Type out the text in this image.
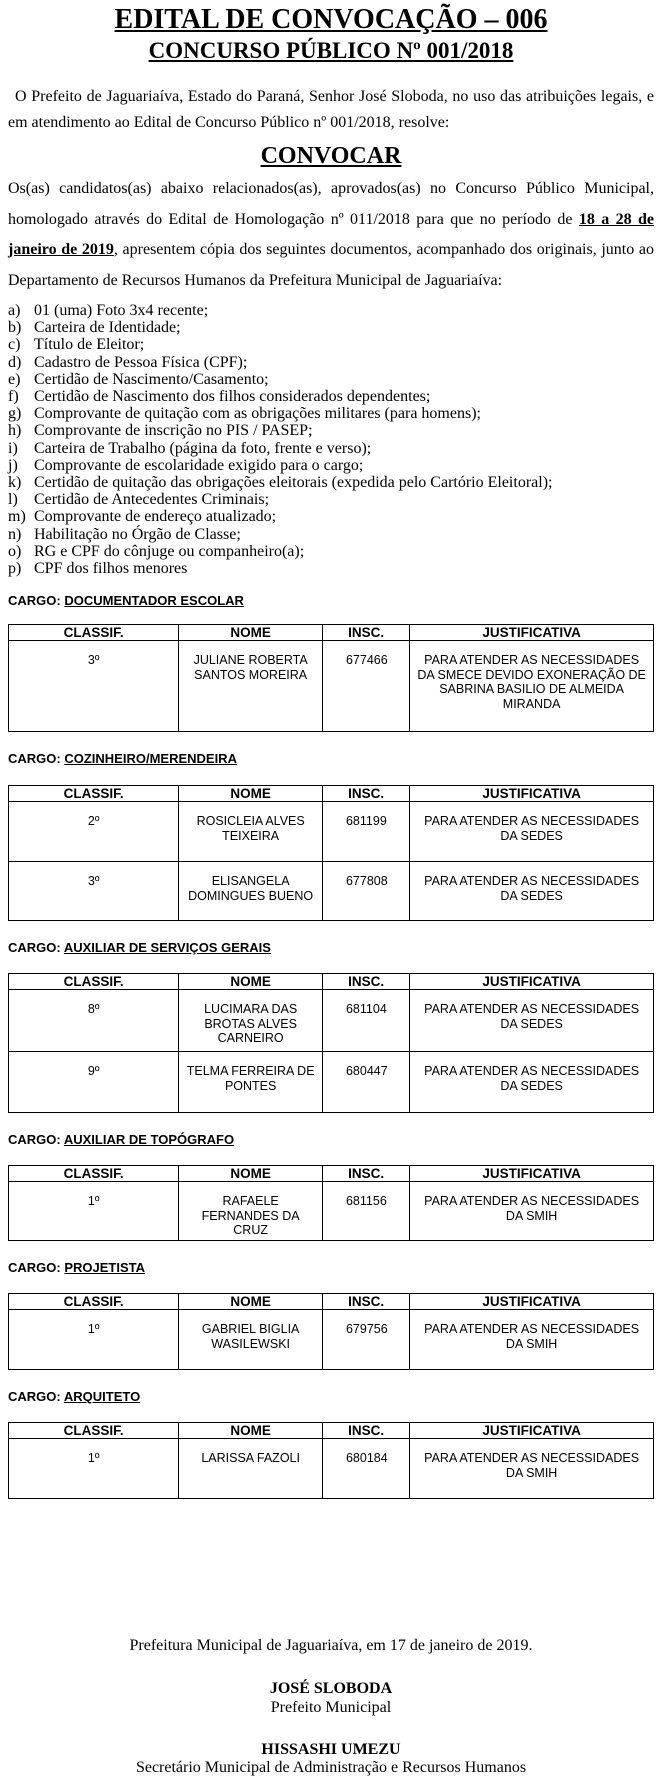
EDITAL DE CONVOCAÇÃO – 006
CONCURSO PÚBLICO Nº 001/2018

O Prefeito de Jaguariaíva, Estado do Paraná, Senhor José Sloboda, no uso das atribuições legais, e em atendimento ao Edital de Concurso Público nº 001/2018, resolve:

CONVOCAR

Os(as) candidatos(as) abaixo relacionados(as), aprovados(as) no Concurso Público Municipal, homologado através do Edital de Homologação nº 011/2018 para que no período de 18 a 28 de janeiro de 2019, apresentem cópia dos seguintes documentos, acompanhado dos originais, junto ao Departamento de Recursos Humanos da Prefeitura Municipal de Jaguariaíva:

a) 01 (uma) Foto 3x4 recente;
b) Carteira de Identidade;
c) Título de Eleitor;
d) Cadastro de Pessoa Física (CPF);
e) Certidão de Nascimento/Casamento;
f) Certidão de Nascimento dos filhos considerados dependentes;
g) Comprovante de quitação com as obrigações militares (para homens);
h) Comprovante de inscrição no PIS / PASEP;
i)	Carteira de Trabalho (página da foto, frente e verso);
j)	Comprovante de escolaridade exigido para o cargo;
k) Certidão de quitação das obrigações eleitorais (expedida pelo Cartório Eleitoral);
l)	Certidão de Antecedentes Criminais;
m) Comprovante de endereço atualizado;
n) Habilitação no Órgão de Classe;
o) RG e CPF do cônjuge ou companheiro(a);
p) CPF dos filhos menores
CARGO: DOCUMENTADOR ESCOLAR
CLASSIF.	NOME	INSC.	JUSTIFICATIVA
3º	JULIANE ROBERTA SANTOS MOREIRA	677466	PARA ATENDER AS NECESSIDADES DA SMECE DEVIDO EXONERAÇÃO DE SABRINA BASILIO DE ALMEIDA MIRANDA
CARGO: COZINHEIRO/MERENDEIRA
CLASSIF.	NOME	INSC.	JUSTIFICATIVA
2º	ROSICLEIA ALVES TEIXEIRA	681199	PARA ATENDER AS NECESSIDADES DA SEDES
3º	ELISANGELA DOMINGUES BUENO	677808	PARA ATENDER AS NECESSIDADES DA SEDES
CARGO: AUXILIAR DE SERVIÇOS GERAIS
CLASSIF.	NOME	INSC.	JUSTIFICATIVA
8º	LUCIMARA DAS BROTAS ALVES CARNEIRO	681104	PARA ATENDER AS NECESSIDADES DA SEDES
9º	TELMA FERREIRA DE PONTES	680447	PARA ATENDER AS NECESSIDADES DA SEDES
CARGO: AUXILIAR DE TOPÓGRAFO
CLASSIF.	NOME	INSC.	JUSTIFICATIVA
1º	RAFAELE FERNANDES DA CRUZ	681156	PARA ATENDER AS NECESSIDADES DA SMIH
CARGO: PROJETISTA
CLASSIF.	NOME	INSC.	JUSTIFICATIVA
1º	GABRIEL BIGLIA WASILEWSKI	679756	PARA ATENDER AS NECESSIDADES DA SMIH
CARGO: ARQUITETO
CLASSIF.	NOME	INSC.	JUSTIFICATIVA
1º	LARISSA FAZOLI	680184	PARA ATENDER AS NECESSIDADES DA SMIH
Prefeitura Municipal de Jaguariaíva, em 17 de janeiro de 2019.
JOSÉ SLOBODA
Prefeito Municipal
HISSASHI UMEZU
Secretário Municipal de Administração e Recursos Humanos
